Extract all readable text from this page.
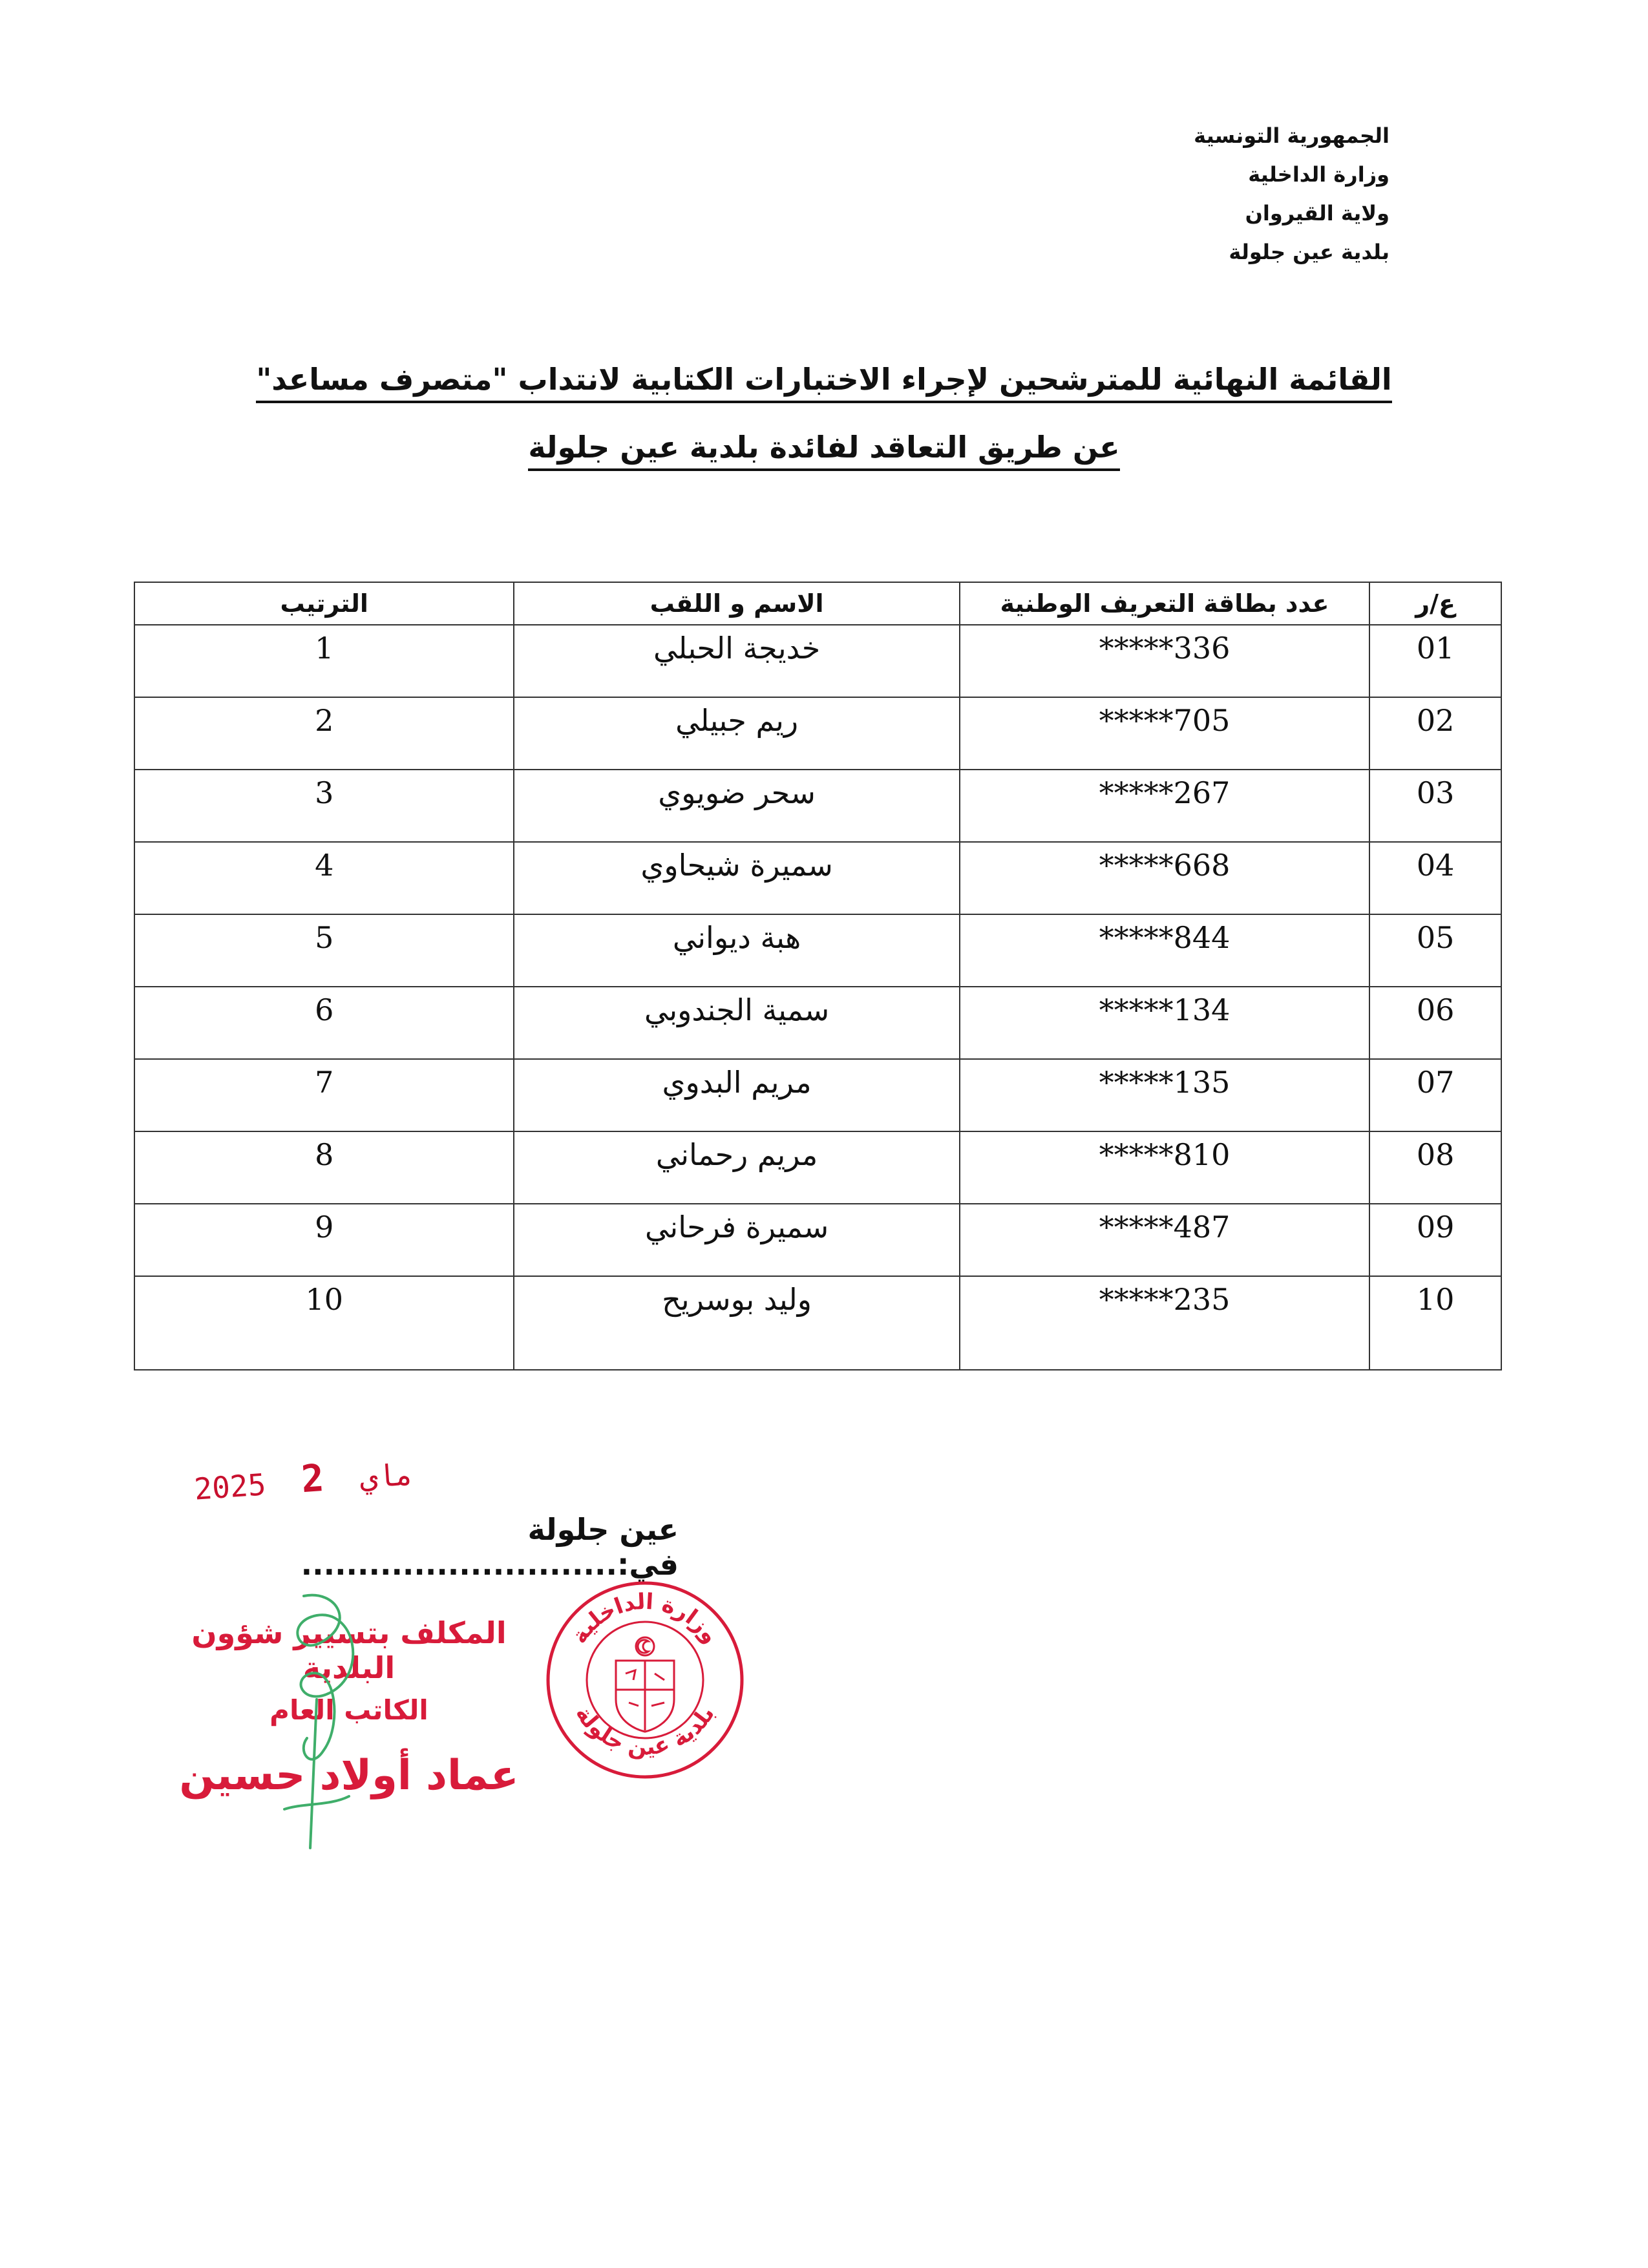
الجمهورية التونسية
وزارة الداخلية
ولاية القيروان
بلدية عين جلولة
القائمة النهائية للمترشحين لإجراء الاختبارات الكتابية لانتداب "متصرف مساعد"
عن طريق التعاقد لفائدة بلدية عين جلولة
ع/ر	عدد بطاقة التعريف الوطنية	الاسم و اللقب	الترتيب
01	*****336	خديجة الحبلي	1
02	*****705	ريم جبيلي	2
03	*****267	سحر ضويوي	3
04	*****668	سميرة شيحاوي	4
05	*****844	هبة ديواني	5
06	*****134	سمية الجندوبي	6
07	*****135	مريم البدوي	7
08	*****810	مريم رحماني	8
09	*****487	سميرة فرحاني	9
10	*****235	وليد بوسريح	10
2025	ماي  2
عين جلولة في:............................
المكلف بتسيير شؤون البلدية
الكاتب العام
عماد أولاد حسين
وزارة الداخلية
بلدية عين جلولة
